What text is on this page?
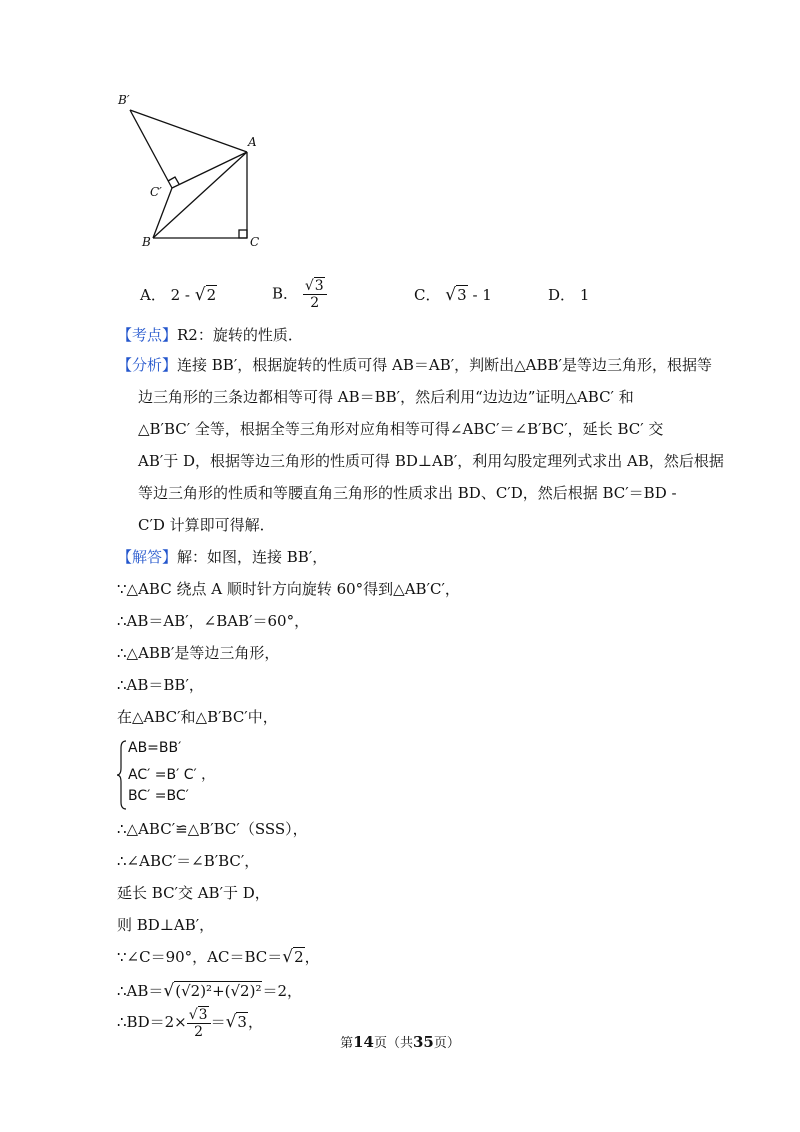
B′
A
C′
B	C
A． 2 - √2	B． $\frac{√3}{2}$	C． √3 - 1	D． 1
【考点】R2：旋转的性质．
【分析】连接 BB′，根据旋转的性质可得 AB＝AB′，判断出△ABB′是等边三角形，根据等
边三角形的三条边都相等可得 AB＝BB′，然后利用“边边边”证明△ABC′ 和
△B′BC′ 全等，根据全等三角形对应角相等可得∠ABC′＝∠B′BC′，延长 BC′ 交
AB′于 D，根据等边三角形的性质可得 BD⊥AB′，利用勾股定理列式求出 AB，然后根据
等边三角形的性质和等腰直角三角形的性质求出 BD、C′D，然后根据 BC′＝BD -
C′D 计算即可得解．
【解答】解：如图，连接 BB′，
∵△ABC 绕点 A 顺时针方向旋转 60°得到△AB′C′，
∴AB＝AB′，∠BAB′＝60°，
∴△ABB′是等边三角形，
∴AB＝BB′，
在△ABC′和△B′BC′中，
AB=BB′
AC′ =B′ C′ ，
BC′ =BC′
∴△ABC′≌△B′BC′（SSS），
∴∠ABC′＝∠B′BC′，
延长 BC′交 AB′于 D，
则 BD⊥AB′，
∵∠C＝90°，AC＝BC＝√2，
∴AB＝√(√2)²+(√2)²＝2，
∴BD＝2× $\frac{√3}{2} =√3$，
第14页（共35页）
